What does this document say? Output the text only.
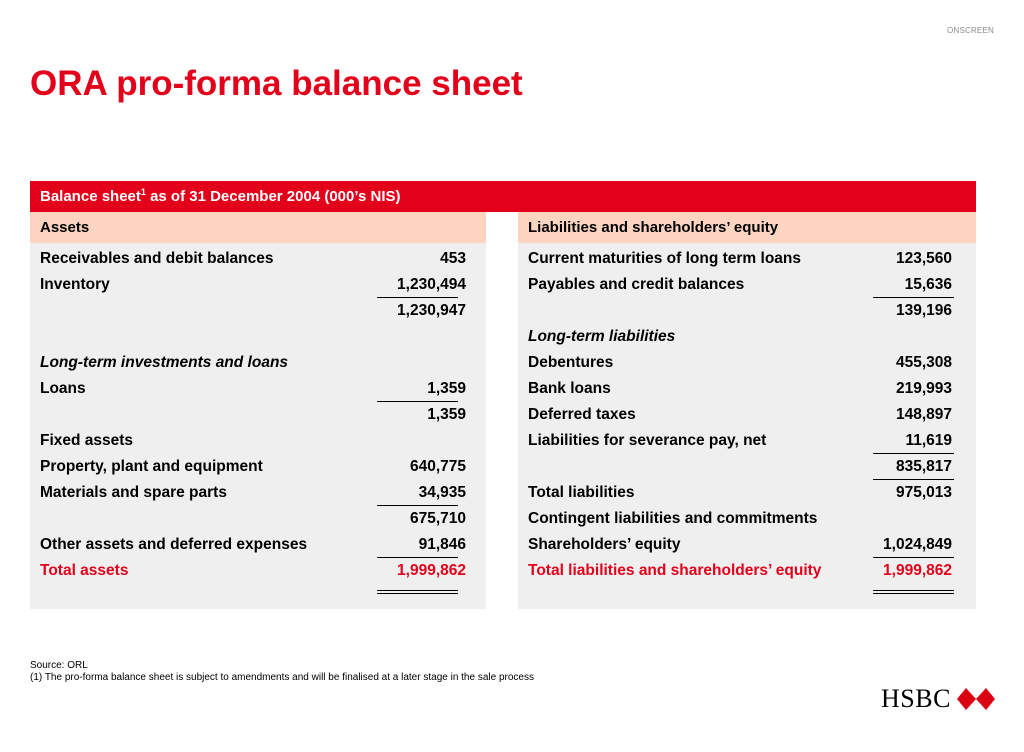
ONSCREEN
ORA pro-forma balance sheet
Balance sheet$^1$ as of 31 December 2004 (000’s NIS)
Assets
Receivables and debit balances	453
Inventory	1,230,494
1,230,947
Long-term investments and loans
Loans	1,359
1,359
Fixed assets
Property, plant and equipment	640,775
Materials and spare parts	34,935
675,710
Other assets and deferred expenses	91,846
Total assets	1,999,862
Liabilities and shareholders’ equity
Current maturities of long term loans	123,560
Payables and credit balances	15,636
139,196
Long-term liabilities
Debentures	455,308
Bank loans	219,993
Deferred taxes	148,897
Liabilities for severance pay, net	11,619
835,817
Total liabilities	975,013
Contingent liabilities and commitments
Shareholders’ equity	1,024,849
Total liabilities and shareholders’ equity	1,999,862
Source: ORL
(1) The pro-forma balance sheet is subject to amendments and will be finalised at a later stage in the sale process
HSBC
